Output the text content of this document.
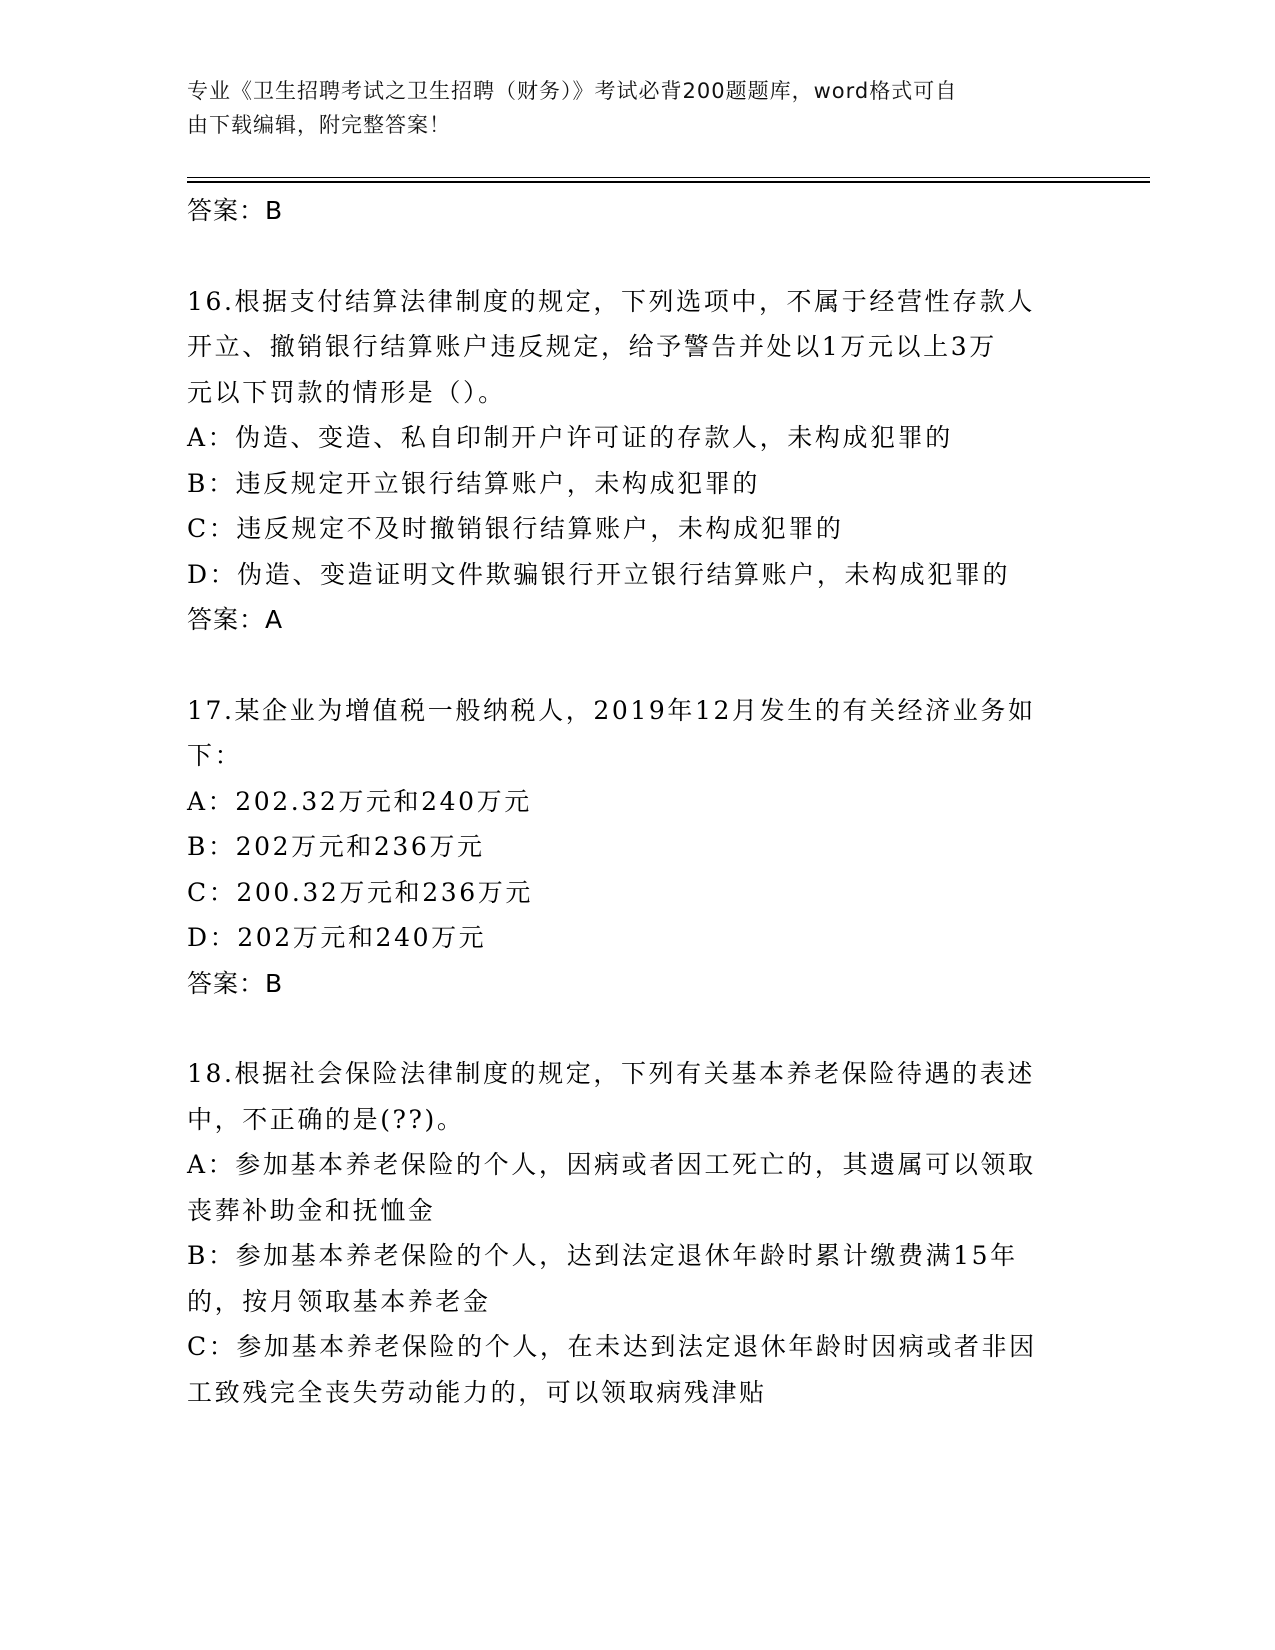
专业《卫生招聘考试之卫生招聘（财务）》考试必背200题题库，word格式可自
由下载编辑，附完整答案！
答案：B
16.根据支付结算法律制度的规定，下列选项中，不属于经营性存款人
开立、撤销银行结算账户违反规定，给予警告并处以1万元以上3万
元以下罚款的情形是（）。
A：伪造、变造、私自印制开户许可证的存款人，未构成犯罪的
B：违反规定开立银行结算账户，未构成犯罪的
C：违反规定不及时撤销银行结算账户，未构成犯罪的
D：伪造、变造证明文件欺骗银行开立银行结算账户，未构成犯罪的
答案：A
17.某企业为增值税一般纳税人，2019年12月发生的有关经济业务如
下：
A：202.32万元和240万元
B：202万元和236万元
C：200.32万元和236万元
D：202万元和240万元
答案：B
18.根据社会保险法律制度的规定，下列有关基本养老保险待遇的表述
中，不正确的是(??)。
A：参加基本养老保险的个人，因病或者因工死亡的，其遗属可以领取
丧葬补助金和抚恤金
B：参加基本养老保险的个人，达到法定退休年龄时累计缴费满15年
的，按月领取基本养老金
C：参加基本养老保险的个人，在未达到法定退休年龄时因病或者非因
工致残完全丧失劳动能力的，可以领取病残津贴
